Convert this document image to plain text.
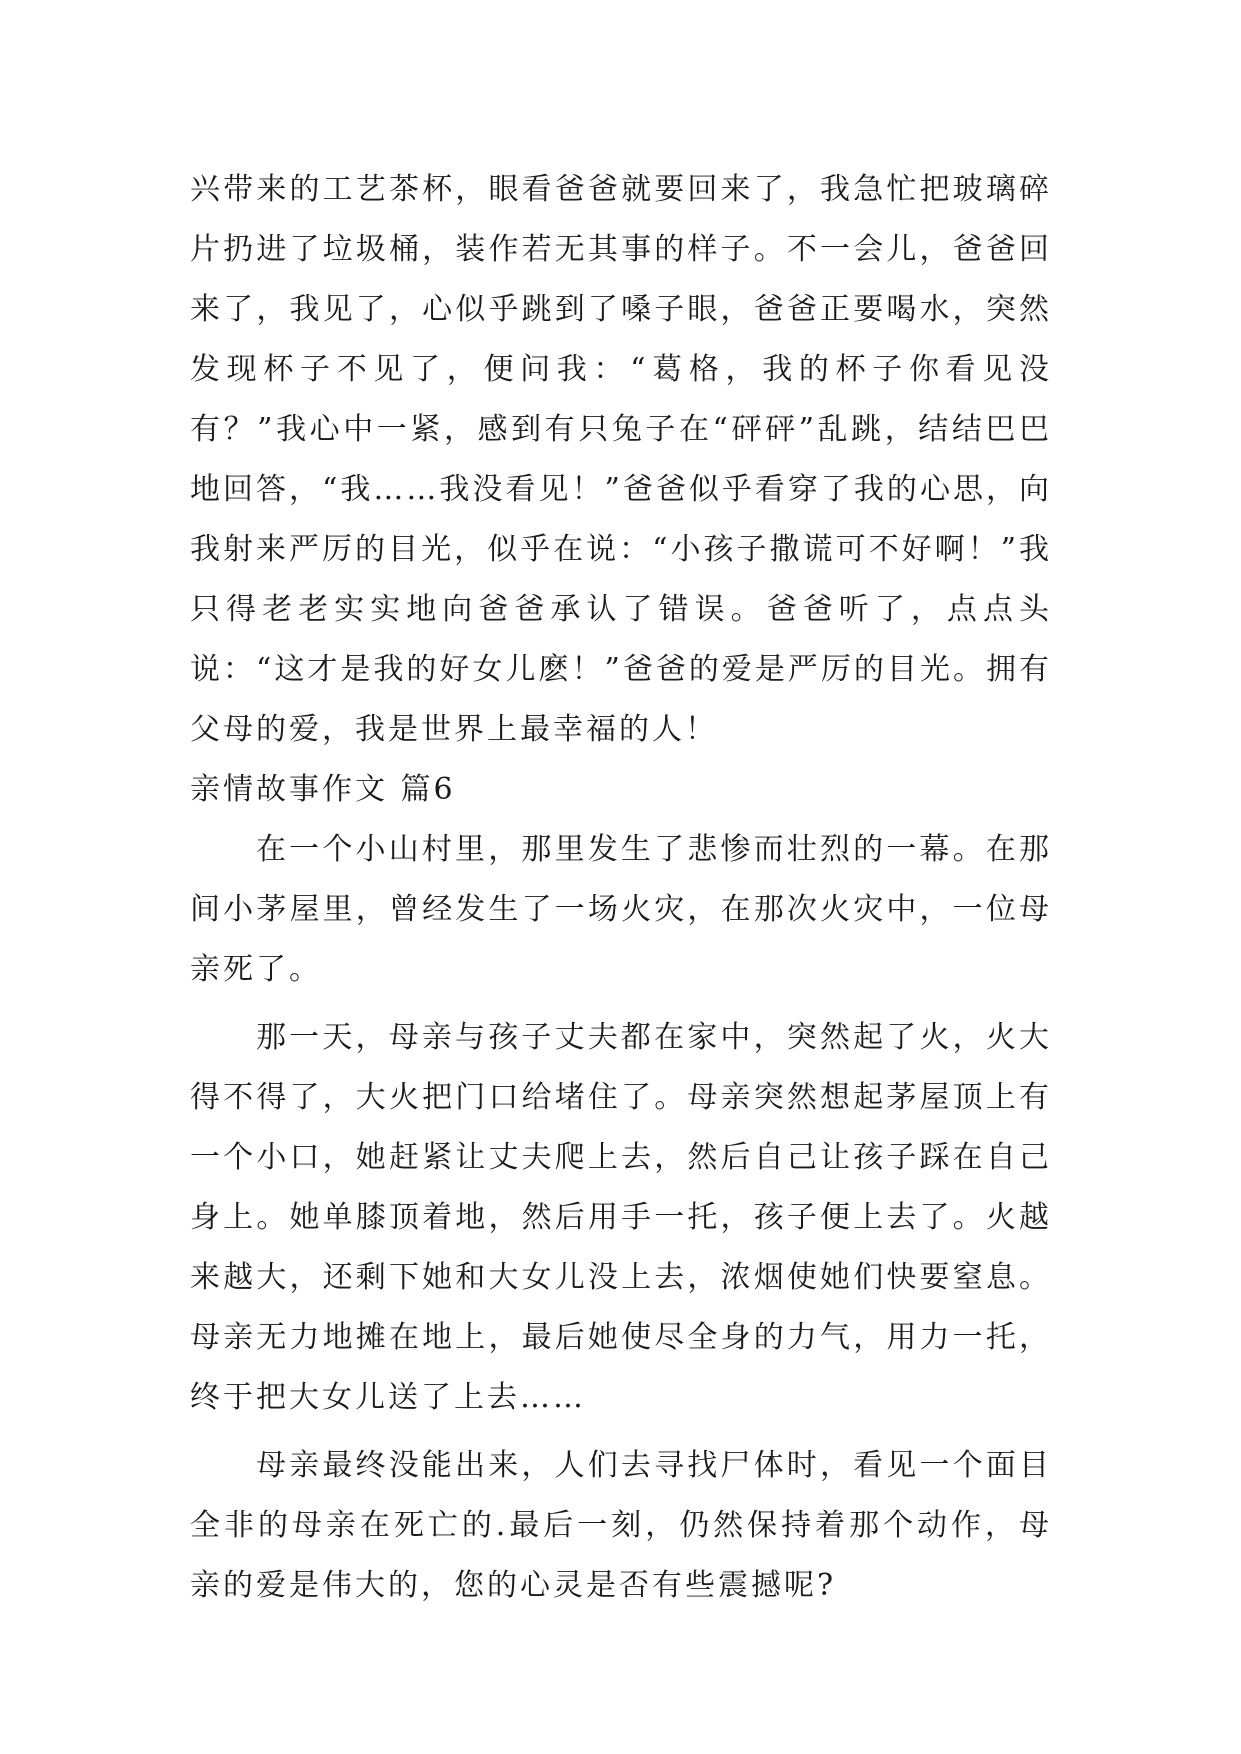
兴带来的工艺茶杯，眼看爸爸就要回来了，我急忙把玻璃碎片扔进了垃圾桶，装作若无其事的样子。不一会儿，爸爸回来了，我见了，心似乎跳到了嗓子眼，爸爸正要喝水，突然发现杯子不见了，便问我：“葛格，我的杯子你看见没有？”我心中一紧，感到有只兔子在“砰砰”乱跳，结结巴巴地回答，“我……我没看见！”爸爸似乎看穿了我的心思，向我射来严厉的目光，似乎在说：“小孩子撒谎可不好啊！”我只得老老实实地向爸爸承认了错误。爸爸听了，点点头说：“这才是我的好女儿麽！”爸爸的爱是严厉的目光。拥有父母的爱，我是世界上最幸福的人！

亲情故事作文 篇6

在一个小山村里，那里发生了悲惨而壮烈的一幕。在那间小茅屋里，曾经发生了一场火灾，在那次火灾中，一位母亲死了。

那一天，母亲与孩子丈夫都在家中，突然起了火，火大得不得了，大火把门口给堵住了。母亲突然想起茅屋顶上有一个小口，她赶紧让丈夫爬上去，然后自己让孩子踩在自己身上。她单膝顶着地，然后用手一托，孩子便上去了。火越来越大，还剩下她和大女儿没上去，浓烟使她们快要窒息。母亲无力地摊在地上，最后她使尽全身的力气，用力一托，终于把大女儿送了上去……

母亲最终没能出来，人们去寻找尸体时，看见一个面目全非的母亲在死亡的.最后一刻，仍然保持着那个动作，母亲的爱是伟大的，您的心灵是否有些震撼呢?
